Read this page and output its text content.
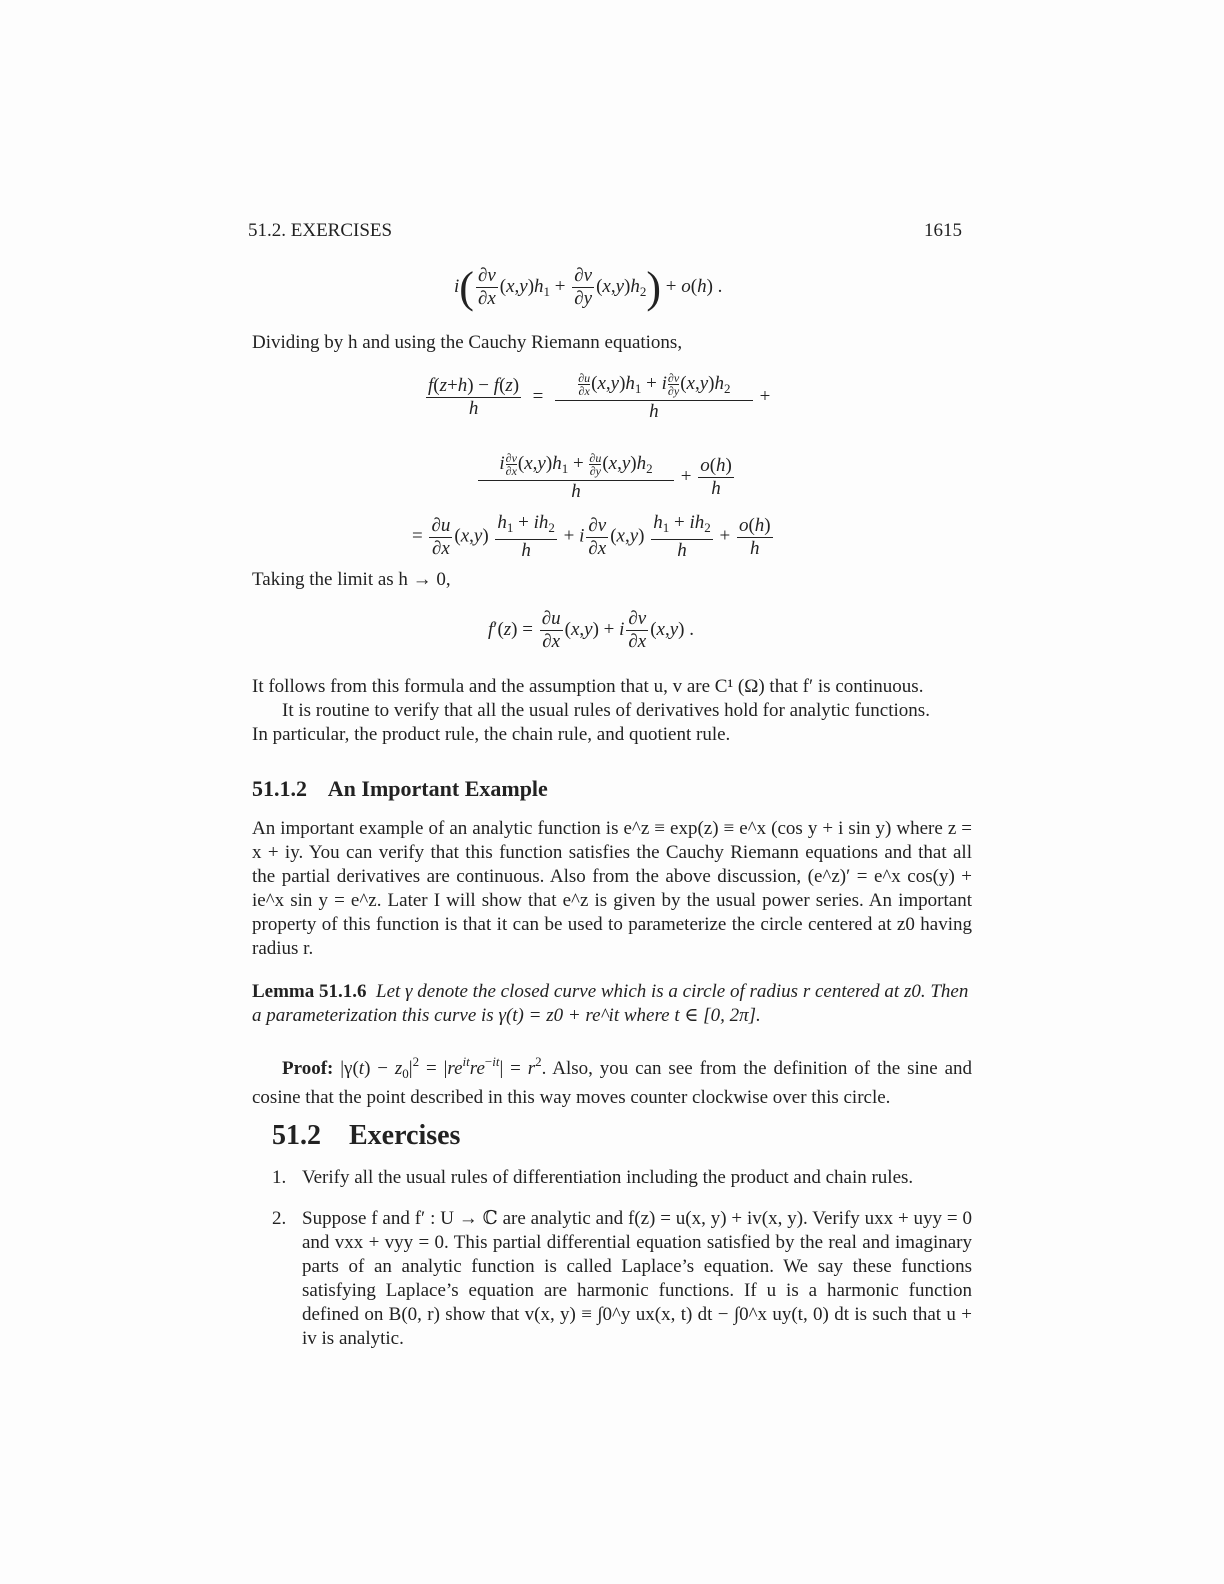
51.2. EXERCISES	1615
$i( \frac{\partial v}{\partial x} (x,y)h_1 + \frac{\partial v}{\partial y} (x,y)h_2) + o(h)$ .
Dividing by h and using the Cauchy Riemann equations,
$\frac{f(z+h) - f(z)}{h} = \frac{\frac{\partial u}{\partial x} (x,y)h_1 + i \frac{\partial v}{\partial y} (x,y)h_2}{h}$ +
$\frac{i \frac{\partial v}{\partial x} (x,y)h_1 + \frac{\partial u}{\partial y} (x,y)h_2}{h} + \frac{o(h)}{h}$
= $\frac{\partial u}{\partial x} (x,y) \frac{h_1 + ih_2}{h} + i \frac{\partial v}{\partial x} (x,y) \frac{h_1 + ih_2}{h} + \frac{o(h)}{h}$
Taking the limit as h → 0,
$f'(z) = \frac{\partial u}{\partial x} (x,y) + i \frac{\partial v}{\partial x} (x,y)$ .
It follows from this formula and the assumption that u, v are C¹ (Ω) that f′ is continuous.
It is routine to verify that all the usual rules of derivatives hold for analytic functions.
In particular, the product rule, the chain rule, and quotient rule.
51.1.2 An Important Example
An important example of an analytic function is e^z ≡ exp(z) ≡ e^x (cos y + i sin y) where z = x + iy. You can verify that this function satisfies the Cauchy Riemann equations and that all the partial derivatives are continuous. Also from the above discussion, (e^z)′ = e^x cos(y) + ie^x sin y = e^z. Later I will show that e^z is given by the usual power series. An important property of this function is that it can be used to parameterize the circle centered at z0 having radius r.
Lemma 51.1.6 Let γ denote the closed curve which is a circle of radius r centered at z0. Then a parameterization this curve is γ(t) = z0 + re^it where t ∈ [0, 2π].
Proof: $|\gamma(t) - z_0|^2 = |re^{it}re^{-it}| = r^2$. Also, you can see from the definition of the sine and cosine that the point described in this way moves counter clockwise over this circle.
51.2 Exercises
1. Verify all the usual rules of differentiation including the product and chain rules.
2. Suppose f and f′ : U → ℂ are analytic and f(z) = u(x, y) + iv(x, y). Verify uxx + uyy = 0 and vxx + vyy = 0. This partial differential equation satisfied by the real and imaginary parts of an analytic function is called Laplace’s equation. We say these functions satisfying Laplace’s equation are harmonic functions. If u is a harmonic function defined on B(0, r) show that v(x, y) ≡ ∫0^y ux(x, t) dt − ∫0^x uy(t, 0) dt is such that u + iv is analytic.
